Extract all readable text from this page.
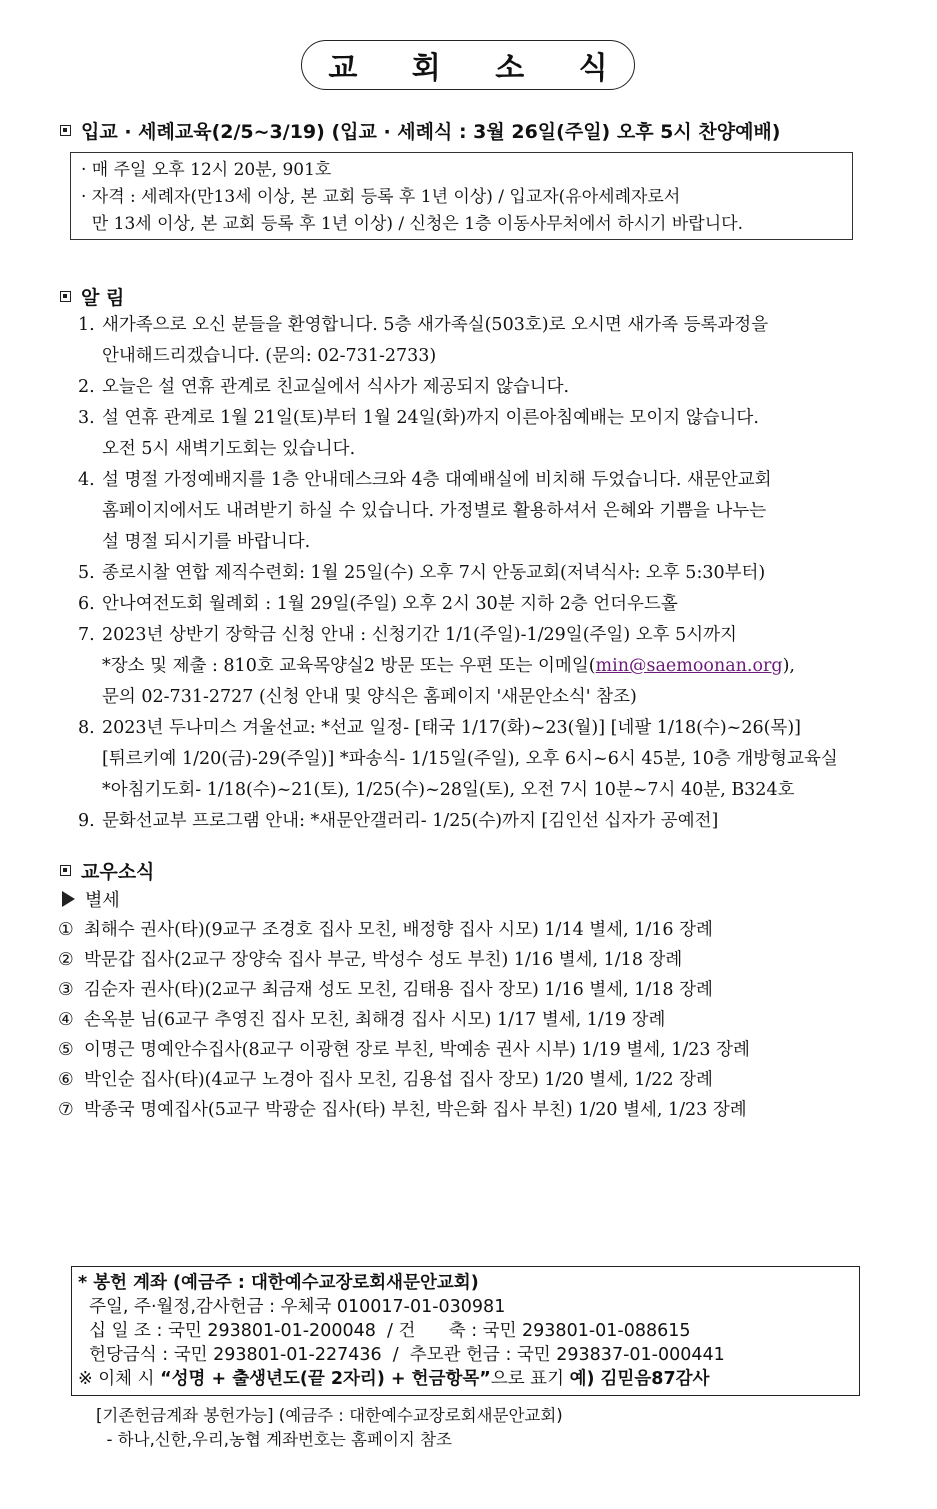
교 회 소 식
입교 · 세례교육(2/5~3/19) (입교 · 세례식 : 3월 26일(주일) 오후 5시 찬양예배)
· 매 주일 오후 12시 20분, 901호
· 자격 : 세례자(만13세 이상, 본 교회 등록 후 1년 이상) / 입교자(유아세례자로서
만 13세 이상, 본 교회 등록 후 1년 이상) / 신청은 1층 이동사무처에서 하시기 바랍니다.
알 림
1. 새가족으로 오신 분들을 환영합니다. 5층 새가족실(503호)로 오시면 새가족 등록과정을
안내해드리겠습니다. (문의: 02-731-2733)
2. 오늘은 설 연휴 관계로 친교실에서 식사가 제공되지 않습니다.
3. 설 연휴 관계로 1월 21일(토)부터 1월 24일(화)까지 이른아침예배는 모이지 않습니다.
오전 5시 새벽기도회는 있습니다.
4. 설 명절 가정예배지를 1층 안내데스크와 4층 대예배실에 비치해 두었습니다. 새문안교회
홈페이지에서도 내려받기 하실 수 있습니다. 가정별로 활용하셔서 은혜와 기쁨을 나누는
설 명절 되시기를 바랍니다.
5. 종로시찰 연합 제직수련회: 1월 25일(수) 오후 7시 안동교회(저녁식사: 오후 5:30부터)
6. 안나여전도회 월례회 : 1월 29일(주일) 오후 2시 30분 지하 2층 언더우드홀
7. 2023년 상반기 장학금 신청 안내 : 신청기간 1/1(주일)-1/29일(주일) 오후 5시까지
*장소 및 제출 : 810호 교육목양실2 방문 또는 우편 또는 이메일(min@saemoonan.org),
문의 02-731-2727 (신청 안내 및 양식은 홈페이지 '새문안소식' 참조)
8. 2023년 두나미스 겨울선교: *선교 일정- [태국 1/17(화)~23(월)] [네팔 1/18(수)~26(목)]
[튀르키예 1/20(금)-29(주일)] *파송식- 1/15일(주일), 오후 6시~6시 45분, 10층 개방형교육실
*아침기도회- 1/18(수)~21(토), 1/25(수)~28일(토), 오전 7시 10분~7시 40분, B324호
9. 문화선교부 프로그램 안내: *새문안갤러리- 1/25(수)까지 [김인선 십자가 공예전]
교우소식
별세
① 최해수 권사(타)(9교구 조경호 집사 모친, 배정향 집사 시모) 1/14 별세, 1/16 장례
② 박문갑 집사(2교구 장양숙 집사 부군, 박성수 성도 부친) 1/16 별세, 1/18 장례
③ 김순자 권사(타)(2교구 최금재 성도 모친, 김태용 집사 장모) 1/16 별세, 1/18 장례
④ 손옥분 님(6교구 추영진 집사 모친, 최해경 집사 시모) 1/17 별세, 1/19 장례
⑤ 이명근 명예안수집사(8교구 이광현 장로 부친, 박예송 권사 시부) 1/19 별세, 1/23 장례
⑥ 박인순 집사(타)(4교구 노경아 집사 모친, 김용섭 집사 장모) 1/20 별세, 1/22 장례
⑦ 박종국 명예집사(5교구 박광순 집사(타) 부친, 박은화 집사 부친) 1/20 별세, 1/23 장례
* 봉헌 계좌 (예금주 : 대한예수교장로회새문안교회)
주일, 주·월정,감사헌금 : 우체국 010017-01-030981
십 일 조 : 국민 293801-01-200048  / 건      축 : 국민 293801-01-088615
헌당금식 : 국민 293801-01-227436  /  추모관 헌금 : 국민 293837-01-000441
※ 이체 시 “성명 + 출생년도(끝 2자리) + 헌금항목”으로 표기 예) 김믿음87감사
[기존헌금계좌 봉헌가능] (예금주 : 대한예수교장로회새문안교회)
- 하나,신한,우리,농협 계좌번호는 홈페이지 참조
